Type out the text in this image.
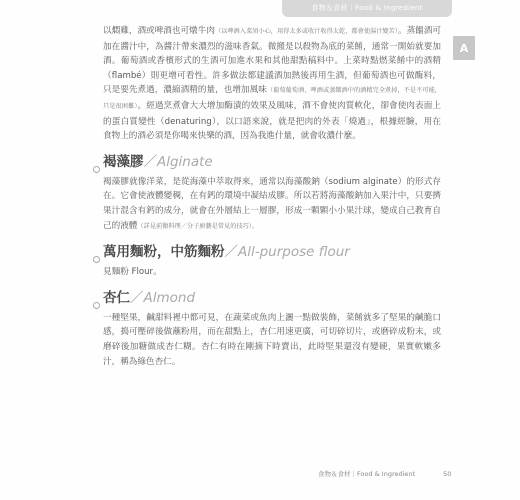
食物＆食材｜Food & Ingredient
A

以燜雞，酒或啤酒也可燉牛肉（以啤酒入菜須小心，用得太多或收汁收得太乾，都會使湯汁變苦）。蒸餾酒可加在醬汁中，為醬汁帶來濃烈的滋味香氣。微搬是以殺物為底的菜餚，通常一開始就要加酒。葡萄酒或香檳形式的生酒可加進水果和其他甜點稿料中。上菜時點燃菜餚中的酒精（flambé）則更增可看性。許多做法都建議酒加熱後再用生酒，但葡萄酒也可做酶料，只是要先煮過，濃縮酒精的量，也增加風味（葡萄葡萄酒、啤酒或蒸餾酒中的酒精完全煮掉，不是不可能，只是很困難）。經過烹煮會大大增加酶漬的效果及風味，酒不會使肉質軟化，卻會使肉表面上的蛋白質變性（denaturing），以口語來說，就是把肉的外表「燒過」，根據經驗，用在食物上的酒必須是你喝來快樂的酒，因為我進什量，就會收濃什麼。

褐藻膠／Alginate

褐藻膠就像洋菜，是從海藻中萃取得來，通常以海藻酸鈉（sodium alginate）的形式存在。它會使液體變稠，在有鈣的環境中凝結成膠。所以若將海藻酸鈉加入果汁中，只要擠果汁混含有鈣的成分，就會在外層結上一層膠，形成一顆顆小小果汁球，變成自己教育自己的液體（詳見前衛料理／分子廚藝是常見的技巧）。

萬用麵粉，中筋麵粉／All-purpose flour

見麵粉 Flour。

杏仁／Almond

一種堅果，鹹甜料裡中都可見，在蔬菜或魚肉上灑一點做裝飾，菜餚就多了堅果的鹹脆口感，搗可壓碎後做蘸粉用，而在甜點上，杏仁用速更廣，可切碎切片，或磨碎成粉末，或磨碎後加糖做成杏仁糊。杏仁有時在剛摘下時賣出，此時堅果還沒有變硬，果實軟嫩多汁，稱為綠色杏仁。

食物＆食材｜Food & Ingredient	50
